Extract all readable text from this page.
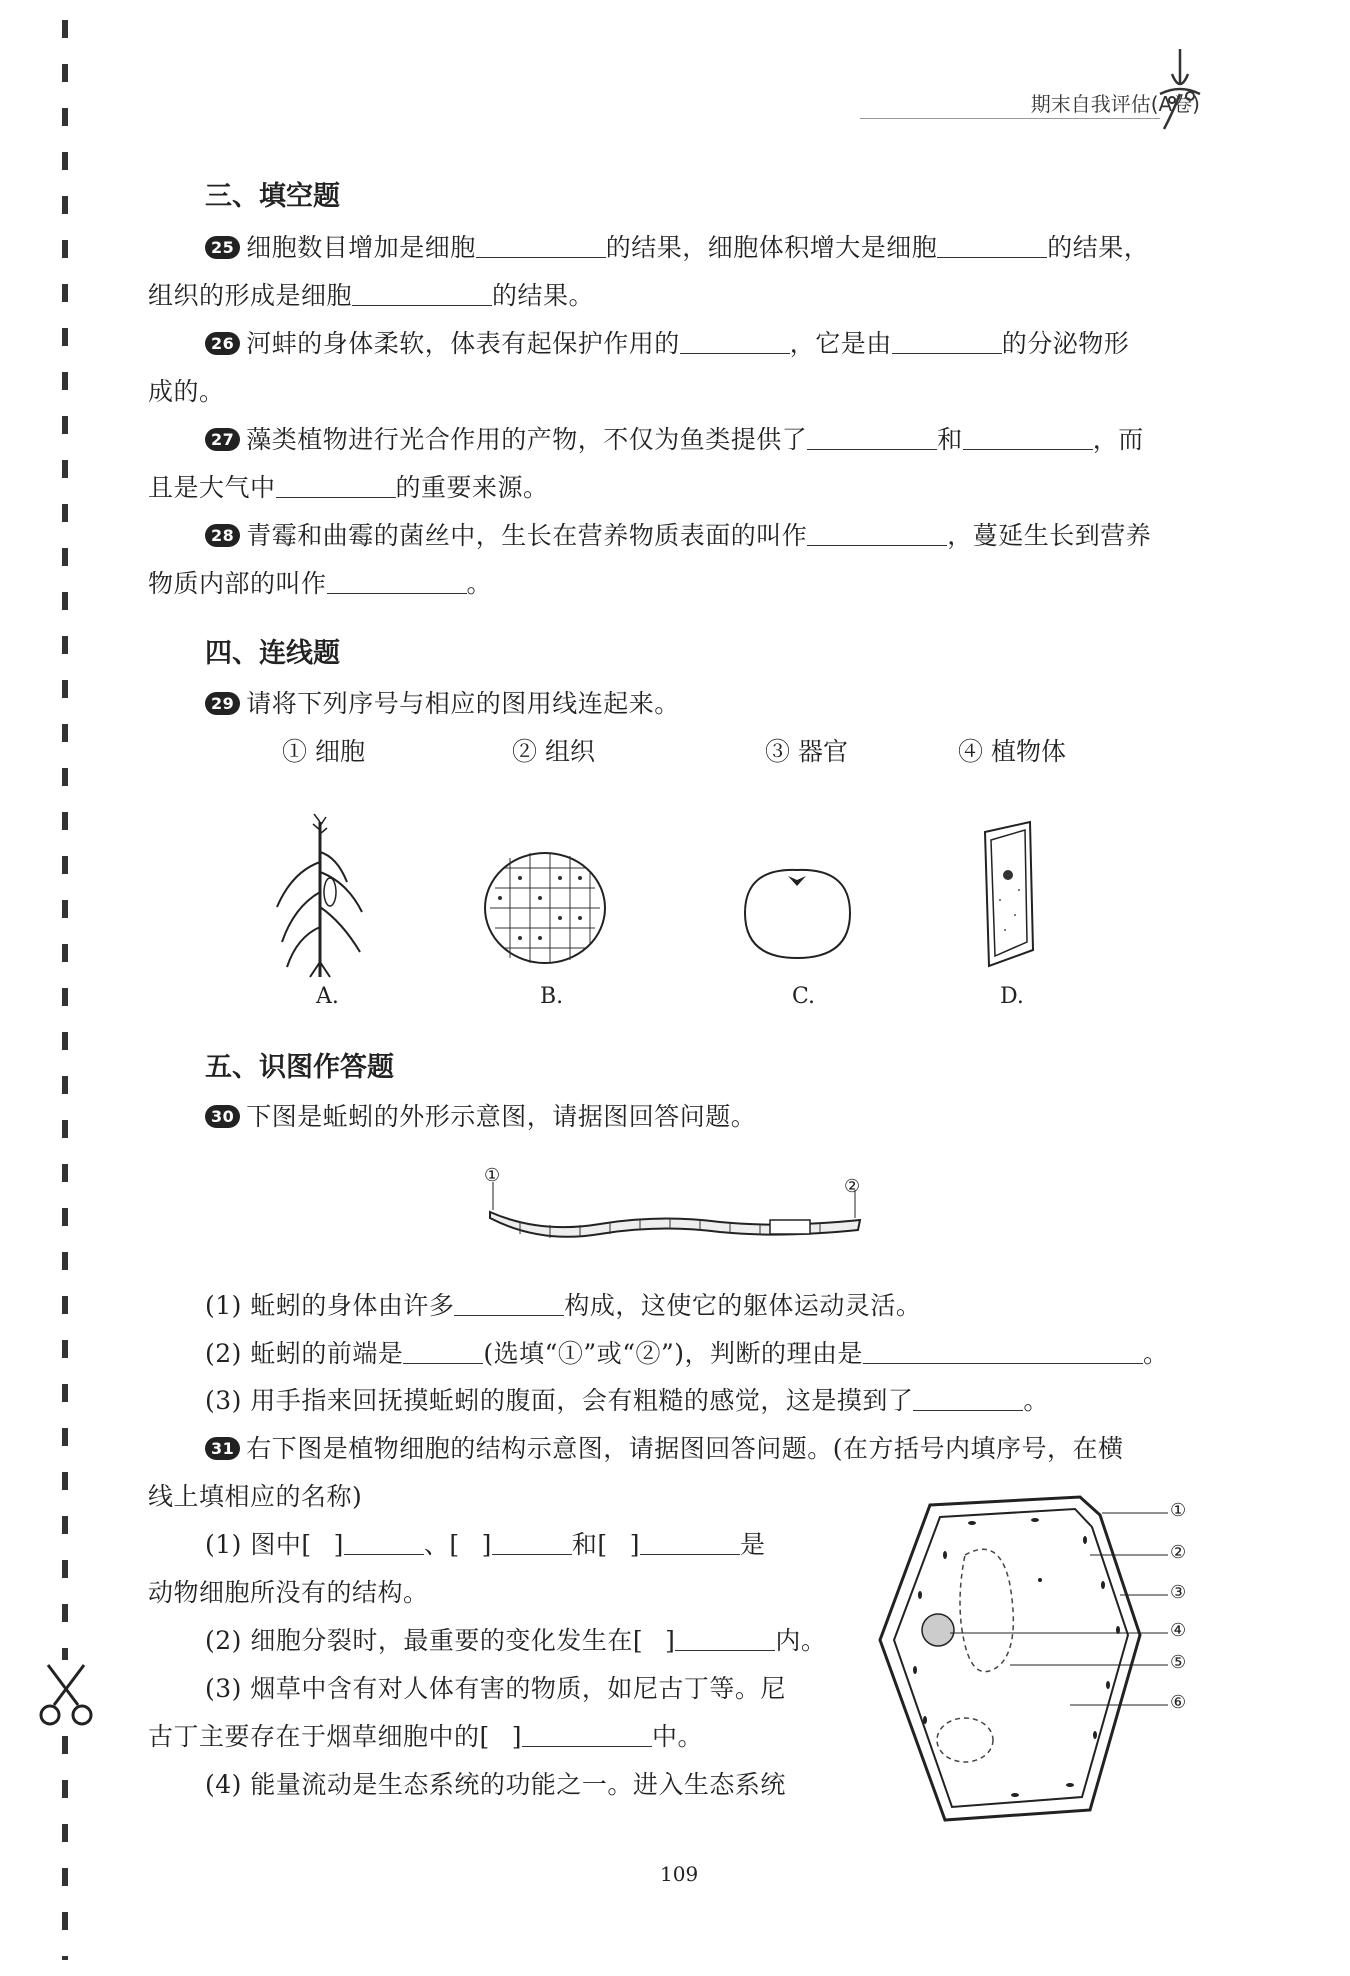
期末自我评估(A卷)
三、填空题
25 细胞数目增加是细胞	的结果，细胞体积增大是细胞	的结果，
组织的形成是细胞	的结果。
26 河蚌的身体柔软，体表有起保护作用的	，它是由	的分泌物形
成的。
27 藻类植物进行光合作用的产物，不仅为鱼类提供了	和	，而
且是大气中	的重要来源。
28 青霉和曲霉的菌丝中，生长在营养物质表面的叫作	，蔓延生长到营养
物质内部的叫作	。
四、连线题
29 请将下列序号与相应的图用线连起来。
① 细胞	② 组织	③ 器官	④ 植物体
A.	B.	C.	D.
五、识图作答题
30 下图是蚯蚓的外形示意图，请据图回答问题。
①
②
(1) 蚯蚓的身体由许多	构成，这使它的躯体运动灵活。
(2) 蚯蚓的前端是	(选填“①”或“②”)，判断的理由是	。
(3) 用手指来回抚摸蚯蚓的腹面，会有粗糙的感觉，这是摸到了	。
31 右下图是植物细胞的结构示意图，请据图回答问题。(在方括号内填序号，在横
线上填相应的名称)
(1) 图中[ ]	、[ ]	和[ ]	是
动物细胞所没有的结构。
(2) 细胞分裂时，最重要的变化发生在[ ]	内。
(3) 烟草中含有对人体有害的物质，如尼古丁等。尼
古丁主要存在于烟草细胞中的[ ]	中。
(4) 能量流动是生态系统的功能之一。进入生态系统
①
②
③
④
⑤
⑥
109
